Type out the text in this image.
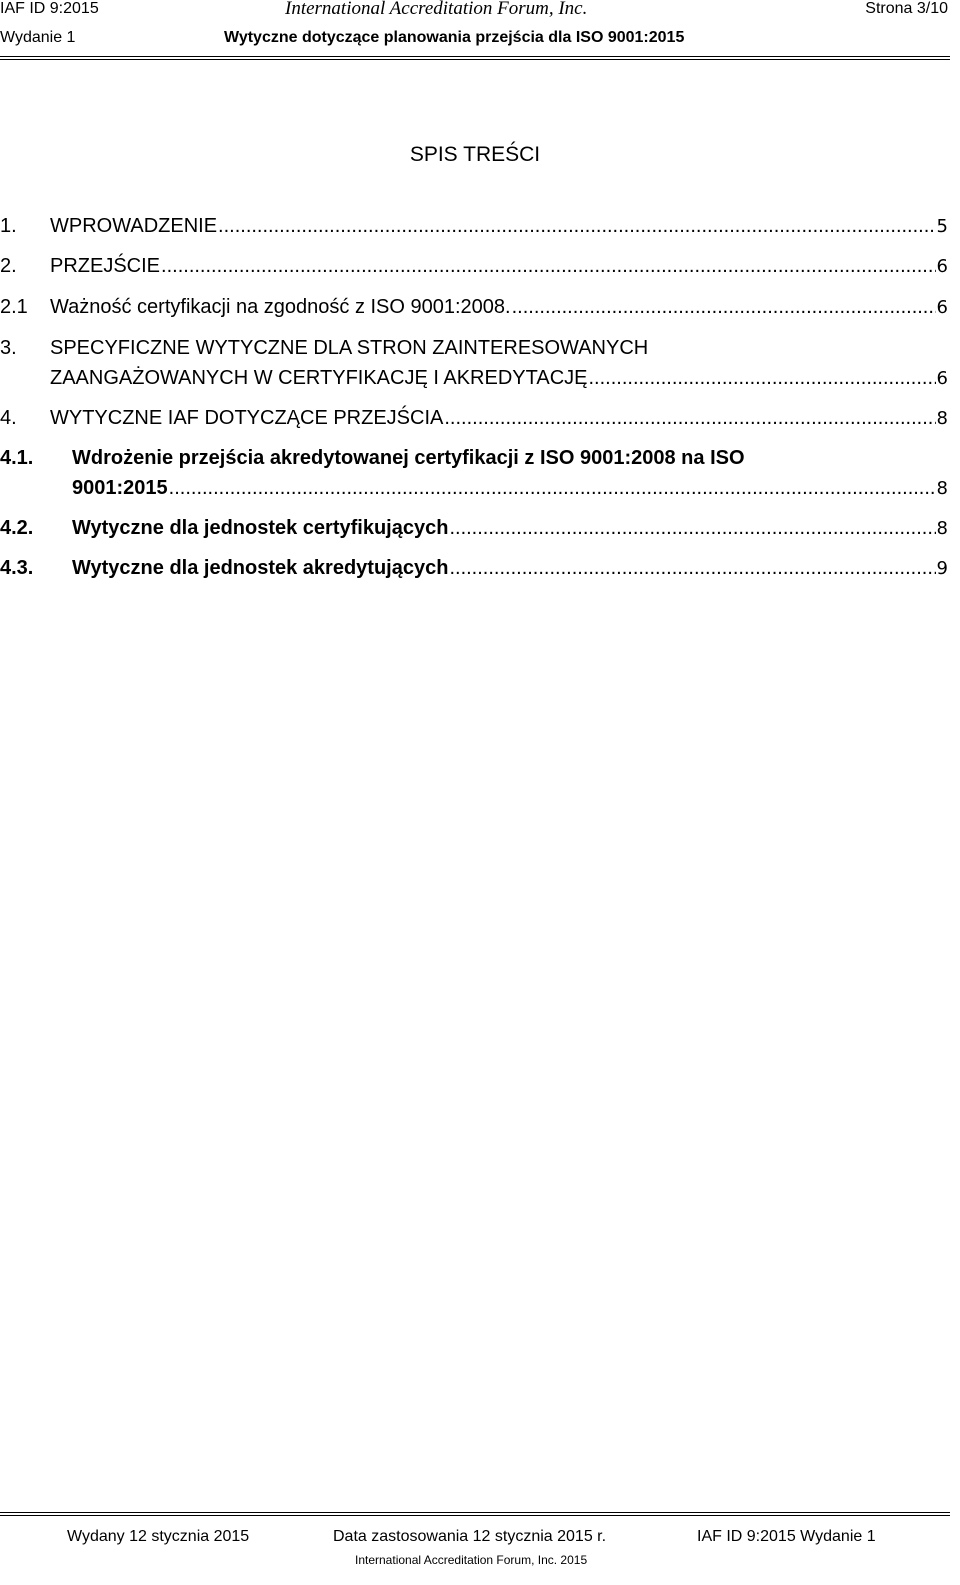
IAF ID 9:2015	International Accreditation Forum, Inc.	Strona 3/10
Wydanie 1	Wytyczne dotyczące planowania przejścia dla ISO 9001:2015
SPIS TREŚCI
1.	WPROWADZENIE .....	5
2.	PRZEJŚCIE .....	6
2.1	Ważność certyfikacji na zgodność z ISO 9001:2008. .....	6
3. SPECYFICZNE WYTYCZNE DLA STRON ZAINTERESOWANYCH
ZAANGAŻOWANYCH W CERTYFIKACJĘ I AKREDYTACJĘ .....	6
4.	WYTYCZNE IAF DOTYCZĄCE PRZEJŚCIA .....	8
4.1. Wdrożenie przejścia akredytowanej certyfikacji z ISO 9001:2008 na ISO
9001:2015 .....	8
4.2.	Wytyczne dla jednostek certyfikujących .....	8
4.3.	Wytyczne dla jednostek akredytujących .....	9
Wydany 12 stycznia 2015	Data zastosowania 12 stycznia 2015 r.	IAF ID 9:2015 Wydanie 1
International Accreditation Forum, Inc. 2015
